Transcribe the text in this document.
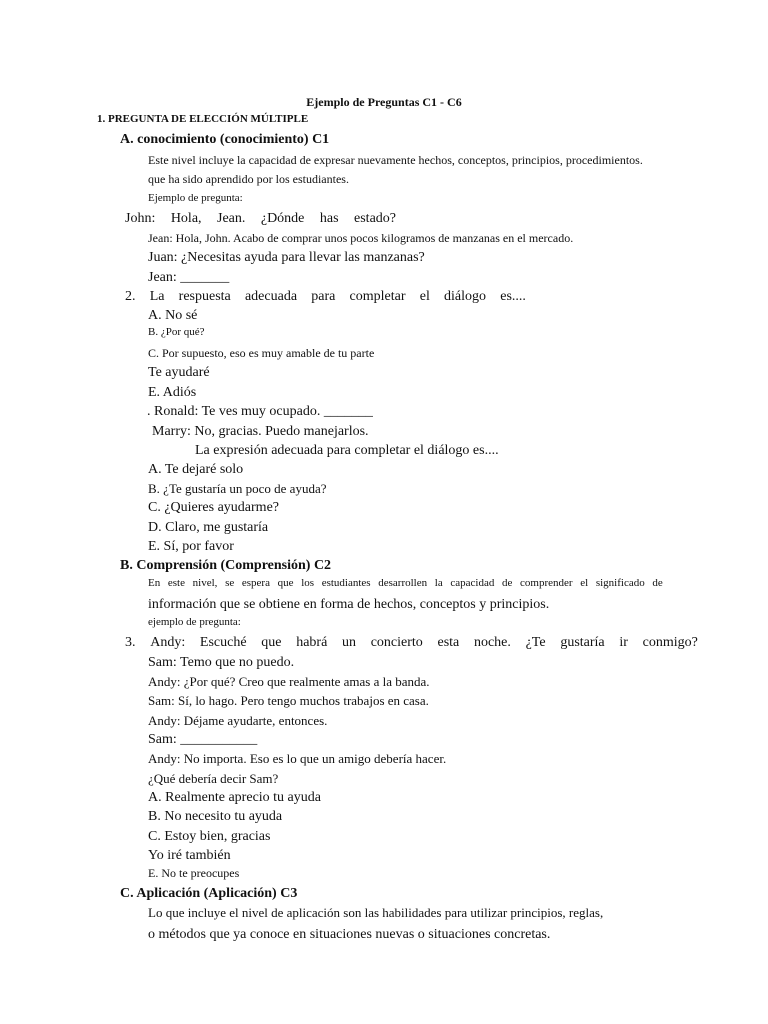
Ejemplo de Preguntas C1 - C6
1. PREGUNTA DE ELECCIÓN MÚLTIPLE
A. conocimiento (conocimiento) C1
Este nivel incluye la capacidad de expresar nuevamente hechos, conceptos, principios, procedimientos.
que ha sido aprendido por los estudiantes.
Ejemplo de pregunta:
John: Hola, Jean. ¿Dónde has estado?
Jean: Hola, John. Acabo de comprar unos pocos kilogramos de manzanas en el mercado.
Juan: ¿Necesitas ayuda para llevar las manzanas?
Jean: _______
2. La respuesta adecuada para completar el diálogo es....
A. No sé
B. ¿Por qué?
C. Por supuesto, eso es muy amable de tu parte
Te ayudaré
E. Adiós
. Ronald: Te ves muy ocupado. _______
Marry: No, gracias. Puedo manejarlos.
La expresión adecuada para completar el diálogo es....
A. Te dejaré solo
B. ¿Te gustaría un poco de ayuda?
C. ¿Quieres ayudarme?
D. Claro, me gustaría
E. Sí, por favor
B. Comprensión (Comprensión) C2
En este nivel, se espera que los estudiantes desarrollen la capacidad de comprender el significado de
información que se obtiene en forma de hechos, conceptos y principios.
ejemplo de pregunta:
3. Andy: Escuché que habrá un concierto esta noche. ¿Te gustaría ir conmigo?
Sam: Temo que no puedo.
Andy: ¿Por qué? Creo que realmente amas a la banda.
Sam: Sí, lo hago. Pero tengo muchos trabajos en casa.
Andy: Déjame ayudarte, entonces.
Sam: ___________
Andy: No importa. Eso es lo que un amigo debería hacer.
¿Qué debería decir Sam?
A. Realmente aprecio tu ayuda
B. No necesito tu ayuda
C. Estoy bien, gracias
Yo iré también
E. No te preocupes
C. Aplicación (Aplicación) C3
Lo que incluye el nivel de aplicación son las habilidades para utilizar principios, reglas,
o métodos que ya conoce en situaciones nuevas o situaciones concretas.
